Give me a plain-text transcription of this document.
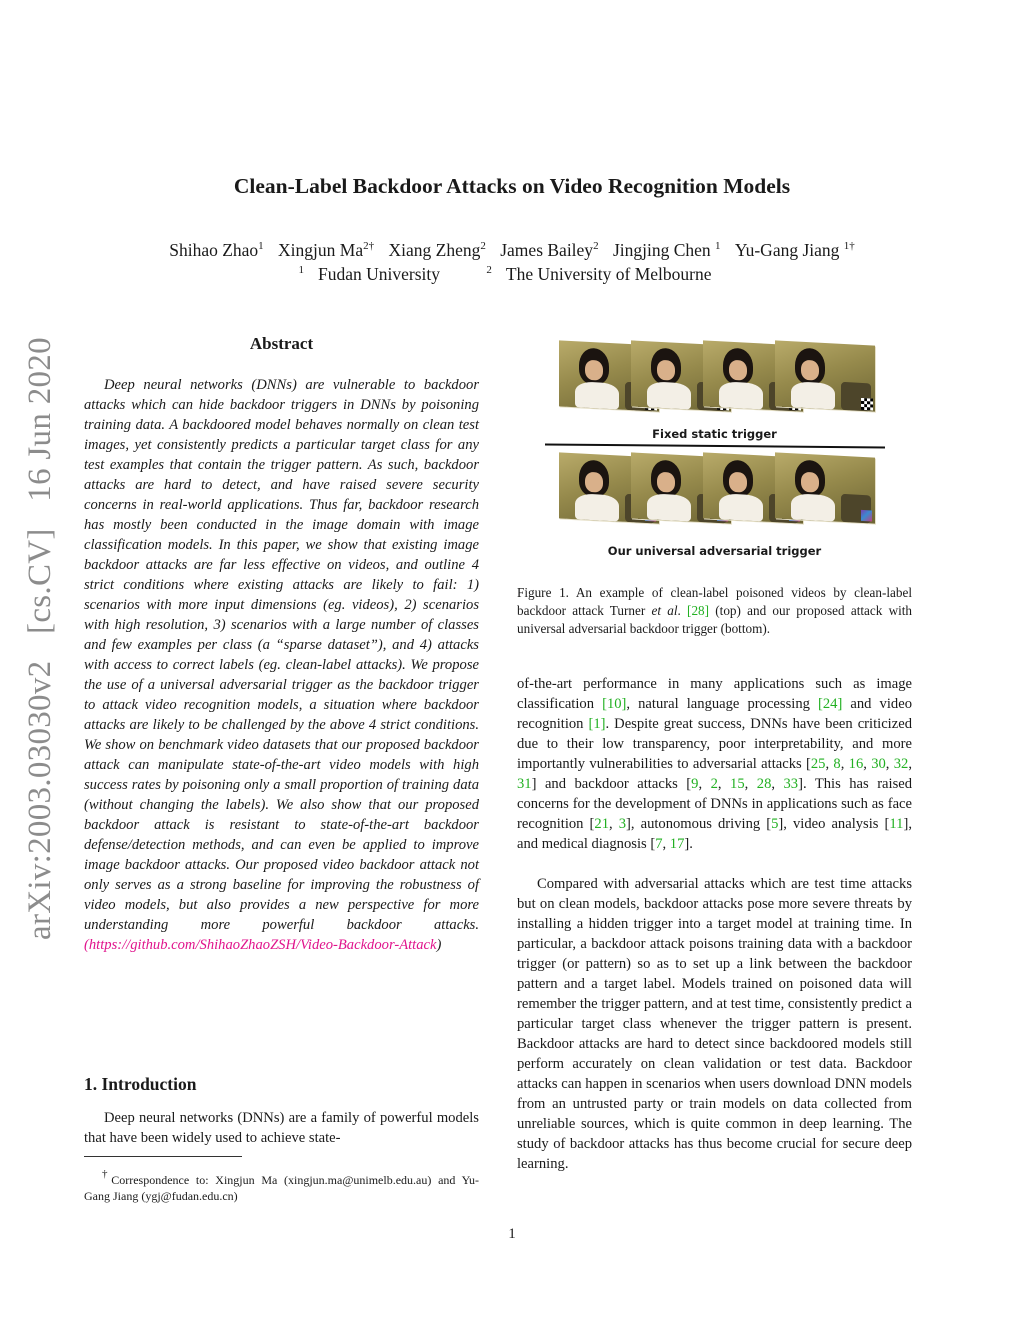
arXiv:2003.03030v2 [cs.CV] 16 Jun 2020
Clean-Label Backdoor Attacks on Video Recognition Models
Shihao Zhao$^1$ Xingjun $Ma^{2\dagger}$ Xiang Zheng$^2$ James Bailey$^2$ Jingjing Chen $^1$ Yu-Gang Jiang $^{1\dagger}$
$^1$ Fudan University	$^2$ The University of Melbourne
Abstract

Deep neural networks (DNNs) are vulnerable to backdoor attacks which can hide backdoor triggers in DNNs by poisoning training data. A backdoored model behaves normally on clean test images, yet consistently predicts a particular target class for any test examples that contain the trigger pattern. As such, backdoor attacks are hard to detect, and have raised severe security concerns in real-world applications. Thus far, backdoor research has mostly been conducted in the image domain with image classification models. In this paper, we show that existing image backdoor attacks are far less effective on videos, and outline 4 strict conditions where existing attacks are likely to fail: 1) scenarios with more input dimensions (eg. videos), 2) scenarios with high resolution, 3) scenarios with a large number of classes and few examples per class (a “sparse dataset”), and 4) attacks with access to correct labels (eg. clean-label attacks). We propose the use of a universal adversarial trigger as the backdoor trigger to attack video recognition models, a situation where backdoor attacks are likely to be challenged by the above 4 strict conditions. We show on benchmark video datasets that our proposed backdoor attack can manipulate state-of-the-art video models with high success rates by poisoning only a small proportion of training data (without changing the labels). We also show that our proposed backdoor attack is resistant to state-of-the-art backdoor defense/detection methods, and can even be applied to improve image backdoor attacks. Our proposed video backdoor attack not only serves as a strong baseline for improving the robustness of video models, but also provides a new perspective for more understanding more powerful backdoor attacks.(https://github.com/ShihaoZhaoZSH/Video-Backdoor-Attack)

1. Introduction

Deep neural networks (DNNs) are a family of powerful models that have been widely used to achieve state-

†Correspondence to: Xingjun Ma (xingjun.ma@unimelb.edu.au) and Yu-Gang Jiang (ygj@fudan.edu.cn)

Fixed static trigger
Our universal adversarial trigger

Figure 1. An example of clean-label poisoned videos by clean-label backdoor attack Turner et al. [28] (top) and our proposed attack with universal adversarial backdoor trigger (bottom).

of-the-art performance in many applications such as image classification [10], natural language processing [24] and video recognition [1]. Despite great success, DNNs have been criticized due to their low transparency, poor interpretability, and more importantly vulnerabilities to adversarial attacks [25, 8, 16, 30, 32, 31] and backdoor attacks [9, 2, 15, 28, 33]. This has raised concerns for the development of DNNs in applications such as face recognition [21, 3], autonomous driving [5], video analysis [11], and medical diagnosis [7, 17].

Compared with adversarial attacks which are test time attacks but on clean models, backdoor attacks pose more severe threats by installing a hidden trigger into a target model at training time. In particular, a backdoor attack poisons training data with a backdoor trigger (or pattern) so as to set up a link between the backdoor pattern and a target label. Models trained on poisoned data will remember the trigger pattern, and at test time, consistently predict a particular target class whenever the trigger pattern is present. Backdoor attacks are hard to detect since backdoored models still perform accurately on clean validation or test data. Backdoor attacks can happen in scenarios when users download DNN models from an untrusted party or train models on data collected from unreliable sources, which is quite common in deep learning. The study of backdoor attacks has thus become crucial for secure deep learning.

1
